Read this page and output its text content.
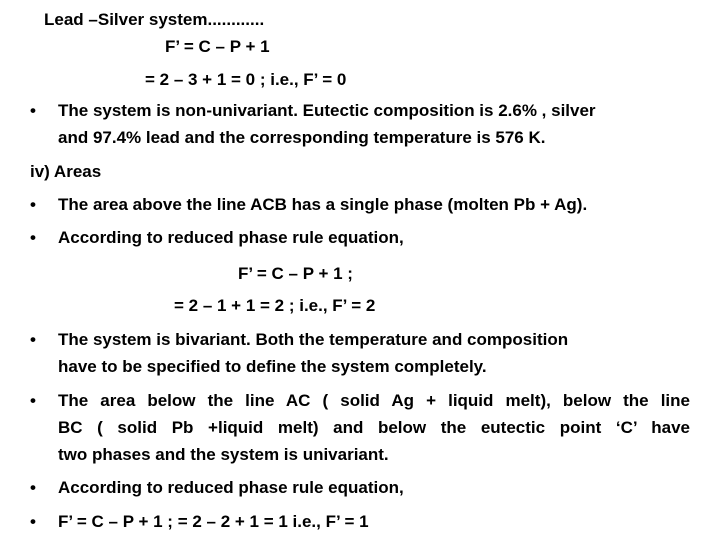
Lead –Silver system............
F’ = C – P + 1
= 2 – 3 + 1 = 0 ; i.e., F’ = 0
• The system is non-univariant. Eutectic composition is 2.6% , silver
and 97.4% lead and the corresponding temperature is 576 K.
iv) Areas
• The area above the line ACB has a single phase (molten Pb + Ag).
• According to reduced phase rule equation,
F’ = C – P + 1 ;
= 2 – 1 + 1 = 2 ; i.e., F’ = 2
• The system is bivariant. Both the temperature and composition
have to be specified to define the system completely.
• The area below the line AC ( solid Ag + liquid melt), below the line
BC ( solid Pb +liquid melt) and below the eutectic point ‘C’ have
two phases and the system is univariant.
• According to reduced phase rule equation,
• F’ = C – P + 1 ; = 2 – 2 + 1 = 1 i.e., F’ = 1
